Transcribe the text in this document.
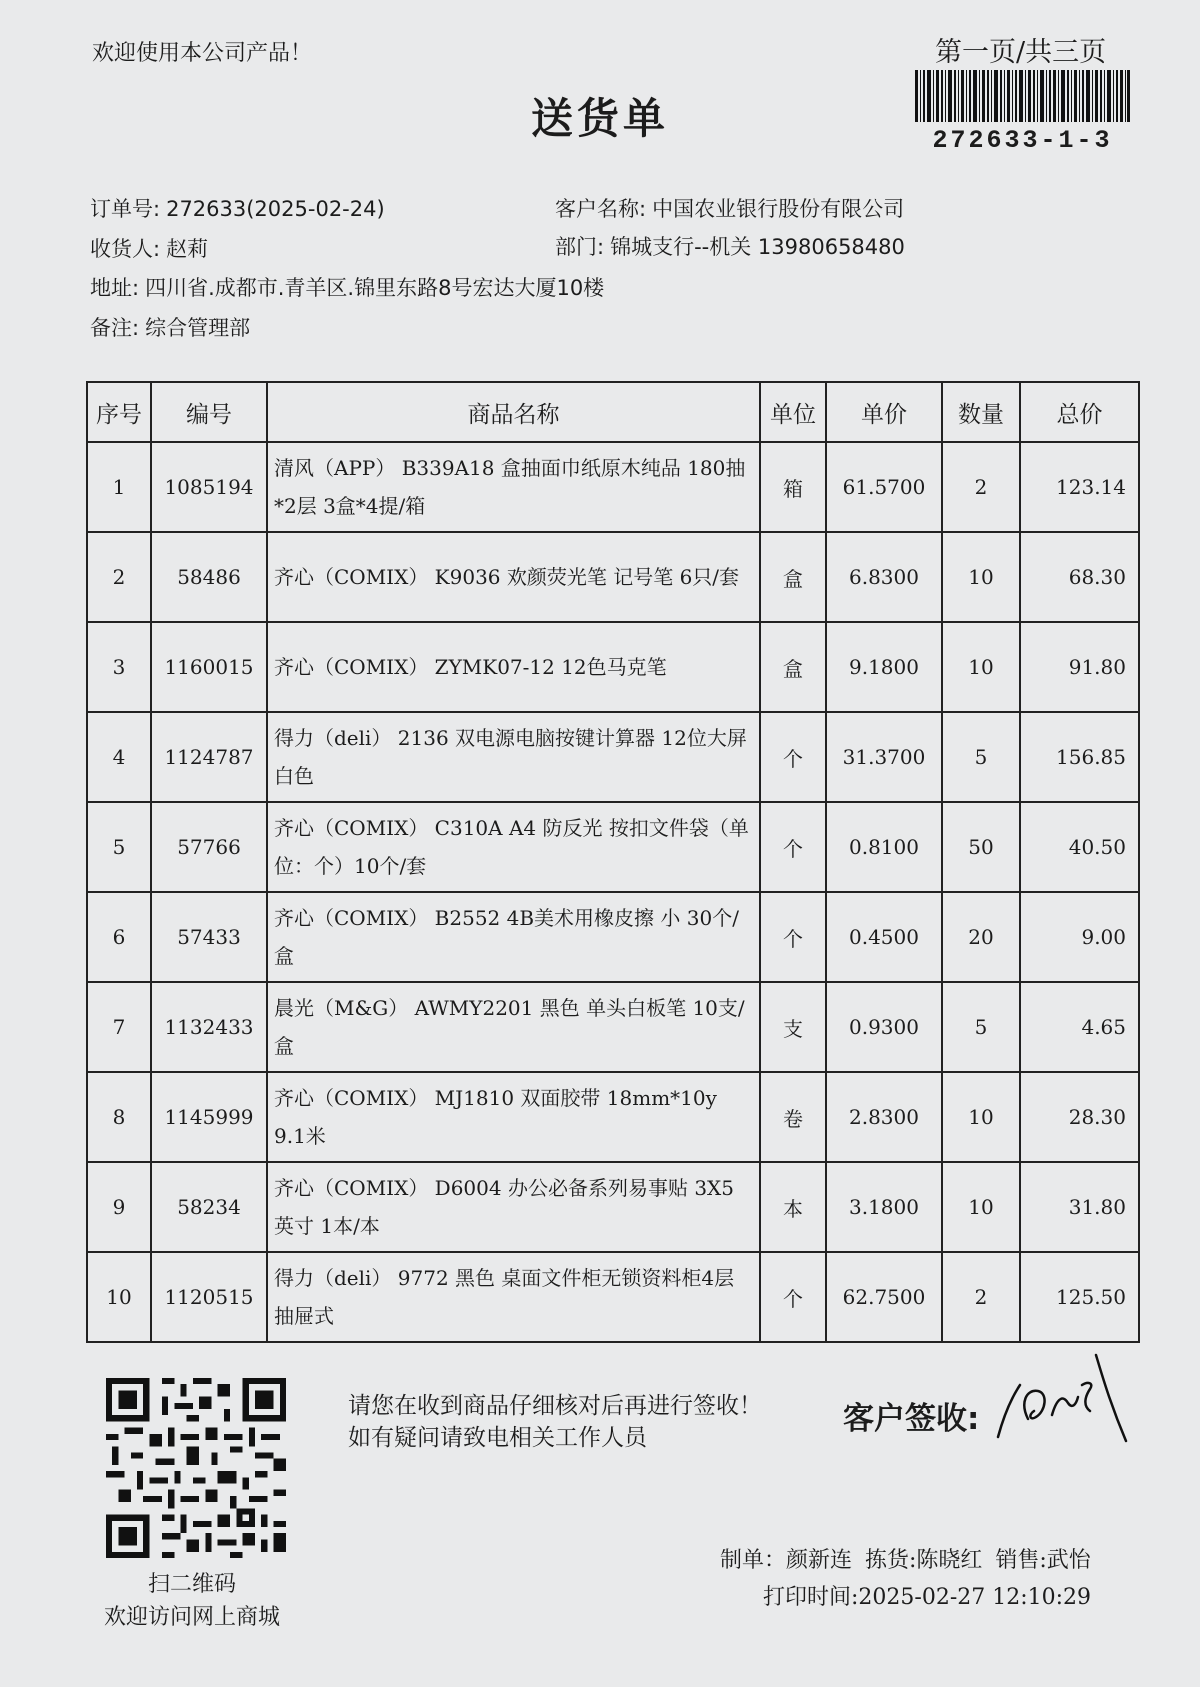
欢迎使用本公司产品！	第一页/共三页
272633-1-3
送货单
订单号: 272633(2025-02-24)	客户名称: 中国农业银行股份有限公司
收货人: 赵莉	部门: 锦城支行--机关 13980658480
地址: 四川省.成都市.青羊区.锦里东路8号宏达大厦10楼
备注: 综合管理部
序号	编号	商品名称	单位	单价	数量	总价
1	1085194	清风（APP） B339A18 盒抽面巾纸原木纯品 180抽*2层 3盒*4提/箱	箱	61.5700	2	123.14
2	58486	齐心（COMIX） K9036 欢颜荧光笔 记号笔 6只/套	盒	6.8300	10	68.30
3	1160015	齐心（COMIX） ZYMK07-12 12色马克笔	盒	9.1800	10	91.80
4	1124787	得力（deli） 2136 双电源电脑按键计算器 12位大屏 白色	个	31.3700	5	156.85
5	57766	齐心（COMIX） C310A A4 防反光 按扣文件袋（单位：个）10个/套	个	0.8100	50	40.50
6	57433	齐心（COMIX） B2552 4B美术用橡皮擦 小 30个/盒	个	0.4500	20	9.00
7	1132433	晨光（M&G） AWMY2201 黑色 单头白板笔 10支/盒	支	0.9300	5	4.65
8	1145999	齐心（COMIX） MJ1810 双面胶带 18mm*10y 9.1米	卷	2.8300	10	28.30
9	58234	齐心（COMIX） D6004 办公必备系列易事贴 3X5英寸 1本/本	本	3.1800	10	31.80
10	1120515	得力（deli） 9772 黑色 桌面文件柜无锁资料柜4层抽屉式	个	62.7500	2	125.50
扫二维码
欢迎访问网上商城
请您在收到商品仔细核对后再进行签收！如有疑问请致电相关工作人员
客户签收:
制单：颜新连 拣货:陈晓红 销售:武怡
打印时间:2025-02-27 12:10:29
